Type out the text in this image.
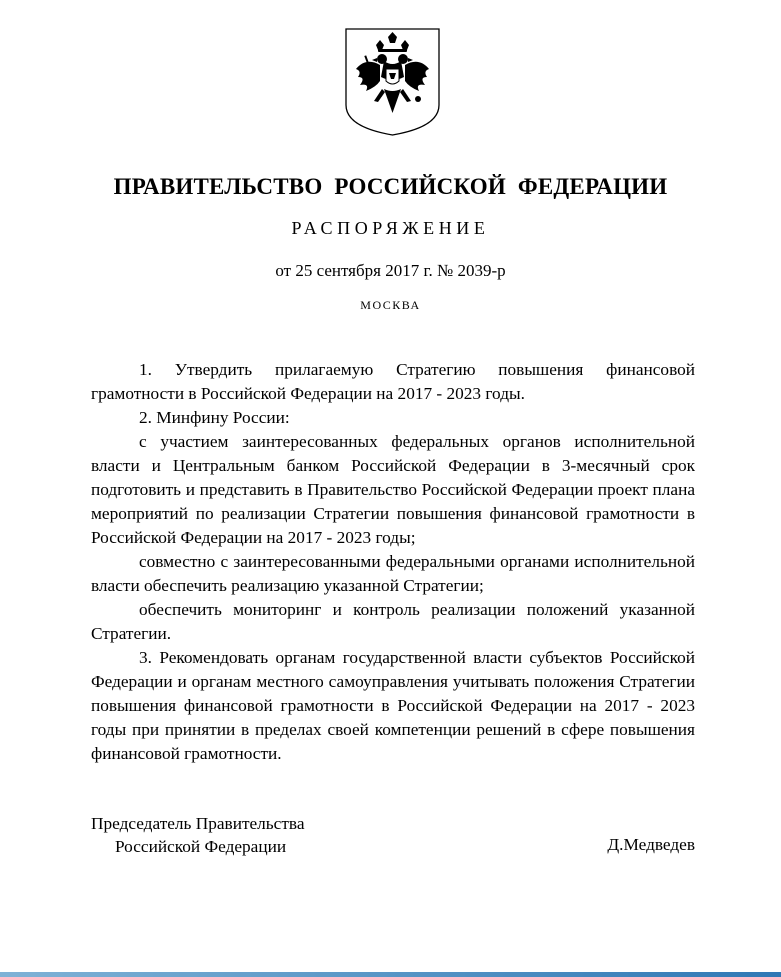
ПРАВИТЕЛЬСТВО РОССИЙСКОЙ ФЕДЕРАЦИИ
РАСПОРЯЖЕНИЕ
от 25 сентября 2017 г. № 2039-р
МОСКВА

1. Утвердить прилагаемую Стратегию повышения финансовой грамотности в Российской Федерации на 2017 - 2023 годы.

2. Минфину России:

с участием заинтересованных федеральных органов исполнительной власти и Центральным банком Российской Федерации в 3-месячный срок подготовить и представить в Правительство Российской Федерации проект плана мероприятий по реализации Стратегии повышения финансовой грамотности в Российской Федерации на 2017 - 2023 годы;

совместно с заинтересованными федеральными органами исполнительной власти обеспечить реализацию указанной Стратегии;

обеспечить мониторинг и контроль реализации положений указанной Стратегии.

3. Рекомендовать органам государственной власти субъектов Российской Федерации и органам местного самоуправления учитывать положения Стратегии повышения финансовой грамотности в Российской Федерации на 2017 - 2023 годы при принятии в пределах своей компетенции решений в сфере повышения финансовой грамотности.

Председатель Правительства
Российской Федерации	Д.Медведев
